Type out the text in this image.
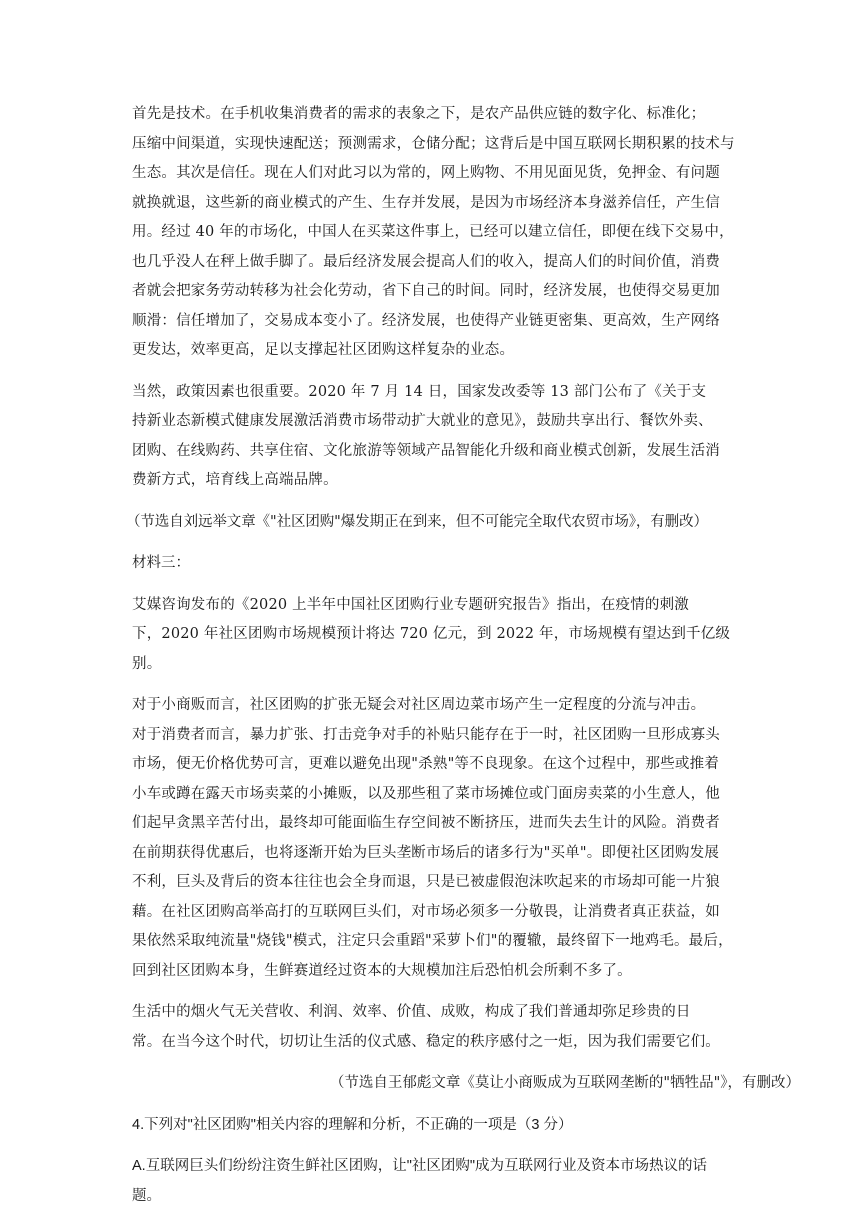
首先是技术。在手机收集消费者的需求的表象之下，是农产品供应链的数字化、标准化；
压缩中间渠道，实现快速配送；预测需求，仓储分配；这背后是中国互联网长期积累的技术与
生态。其次是信任。现在人们对此习以为常的，网上购物、不用见面见货，免押金、有问题
就换就退，这些新的商业模式的产生、生存并发展，是因为市场经济本身滋养信任，产生信
用。经过 40 年的市场化，中国人在买菜这件事上，已经可以建立信任，即便在线下交易中，
也几乎没人在秤上做手脚了。最后经济发展会提高人们的收入，提高人们的时间价值，消费
者就会把家务劳动转移为社会化劳动，省下自己的时间。同时，经济发展，也使得交易更加
顺滑：信任增加了，交易成本变小了。经济发展，也使得产业链更密集、更高效，生产网络
更发达，效率更高，足以支撑起社区团购这样复杂的业态。

当然，政策因素也很重要。2020 年 7 月 14 日，国家发改委等 13 部门公布了《关于支
持新业态新模式健康发展激活消费市场带动扩大就业的意见》，鼓励共享出行、餐饮外卖、
团购、在线购药、共享住宿、文化旅游等领域产品智能化升级和商业模式创新，发展生活消
费新方式，培育线上高端品牌。

（节选自刘远举文章《"社区团购"爆发期正在到来，但不可能完全取代农贸市场》，有删改）

材料三：

艾媒咨询发布的《2020 上半年中国社区团购行业专题研究报告》指出，在疫情的刺激
下，2020 年社区团购市场规模预计将达 720 亿元，到 2022 年，市场规模有望达到千亿级
别。

对于小商贩而言，社区团购的扩张无疑会对社区周边菜市场产生一定程度的分流与冲击。
对于消费者而言，暴力扩张、打击竞争对手的补贴只能存在于一时，社区团购一旦形成寡头
市场，便无价格优势可言，更难以避免出现"杀熟"等不良现象。在这个过程中，那些或推着
小车或蹲在露天市场卖菜的小摊贩，以及那些租了菜市场摊位或门面房卖菜的小生意人，他
们起早贪黑辛苦付出，最终却可能面临生存空间被不断挤压，进而失去生计的风险。消费者
在前期获得优惠后，也将逐渐开始为巨头垄断市场后的诸多行为"买单"。即便社区团购发展
不利，巨头及背后的资本往往也会全身而退，只是已被虚假泡沫吹起来的市场却可能一片狼
藉。在社区团购高举高打的互联网巨头们，对市场必须多一分敬畏，让消费者真正获益，如
果依然采取纯流量"烧钱"模式，注定只会重蹈"采萝卜们"的覆辙，最终留下一地鸡毛。最后，
回到社区团购本身，生鲜赛道经过资本的大规模加注后恐怕机会所剩不多了。

生活中的烟火气无关营收、利润、效率、价值、成败，构成了我们普通却弥足珍贵的日
常。在当今这个时代，切切让生活的仪式感、稳定的秩序感付之一炬，因为我们需要它们。

（节选自王郁彪文章《莫让小商贩成为互联网垄断的"牺牲品"》，有删改）

4.下列对"社区团购"相关内容的理解和分析，不正确的一项是（3 分）

A.互联网巨头们纷纷注资生鲜社区团购，让"社区团购"成为互联网行业及资本市场热议的话
题。
